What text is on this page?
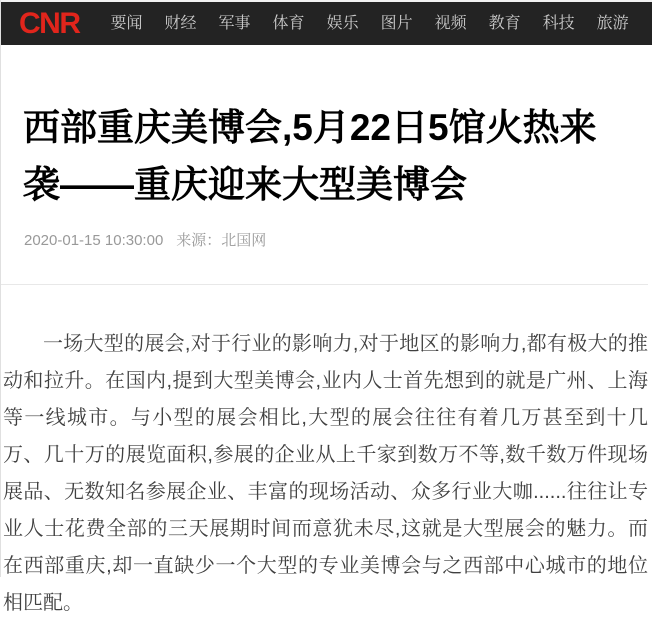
CNR 要闻 财经 军事 体育 娱乐 图片 视频 教育 科技 旅游
西部重庆美博会,5月22日5馆火热来袭——重庆迎来大型美博会
2020-01-15 10:30:00 来源：北国网

一场大型的展会,对于行业的影响力,对于地区的影响力,都有极大的推动和拉升。在国内,提到大型美博会,业内人士首先想到的就是广州、上海等一线城市。与小型的展会相比,大型的展会往往有着几万甚至到十几万、几十万的展览面积,参展的企业从上千家到数万不等,数千数万件现场展品、无数知名参展企业、丰富的现场活动、众多行业大咖......往往让专业人士花费全部的三天展期时间而意犹未尽,这就是大型展会的魅力。而在西部重庆,却一直缺少一个大型的专业美博会与之西部中心城市的地位相匹配。
